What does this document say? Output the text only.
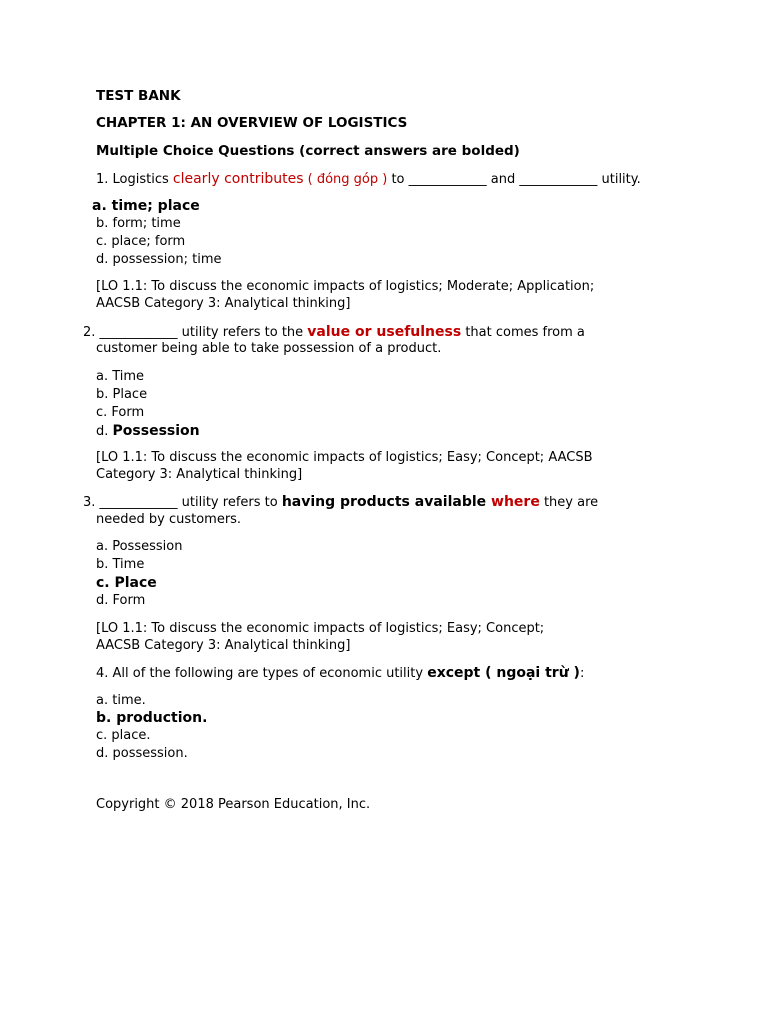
TEST BANK
CHAPTER 1: AN OVERVIEW OF LOGISTICS
Multiple Choice Questions (correct answers are bolded)
1. Logistics clearly contributes ( đóng góp ) to ____________ and ____________ utility.
a. time; place
b. form; time
c. place; form
d. possession; time
[LO 1.1: To discuss the economic impacts of logistics; Moderate; Application;
AACSB Category 3: Analytical thinking]
2. ____________ utility refers to the value or usefulness that comes from a
customer being able to take possession of a product.
a. Time
b. Place
c. Form
d. Possession
[LO 1.1: To discuss the economic impacts of logistics; Easy; Concept; AACSB
Category 3: Analytical thinking]
3. ____________ utility refers to having products available where they are
needed by customers.
a. Possession
b. Time
c. Place
d. Form
[LO 1.1: To discuss the economic impacts of logistics; Easy; Concept;
AACSB Category 3: Analytical thinking]
4. All of the following are types of economic utility except ( ngoại trừ ):
a. time.
b. production.
c. place.
d. possession.
Copyright © 2018 Pearson Education, Inc.
